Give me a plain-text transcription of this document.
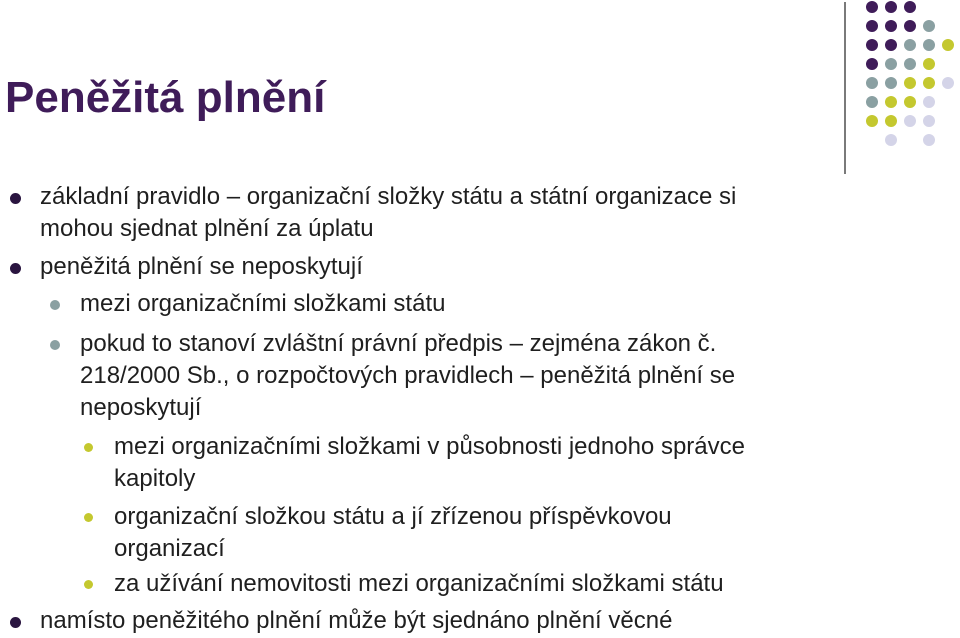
Peněžitá plnění
základní pravidlo – organizační složky státu a státní organizace si
mohou sjednat plnění za úplatu
peněžitá plnění se neposkytují
mezi organizačními složkami státu
pokud to stanoví zvláštní právní předpis – zejména zákon č.
218/2000 Sb., o rozpočtových pravidlech – peněžitá plnění se
neposkytují
mezi organizačními složkami v působnosti jednoho správce
kapitoly
organizační složkou státu a jí zřízenou příspěvkovou
organizací
za užívání nemovitosti mezi organizačními složkami státu
namísto peněžitého plnění může být sjednáno plnění věcné
